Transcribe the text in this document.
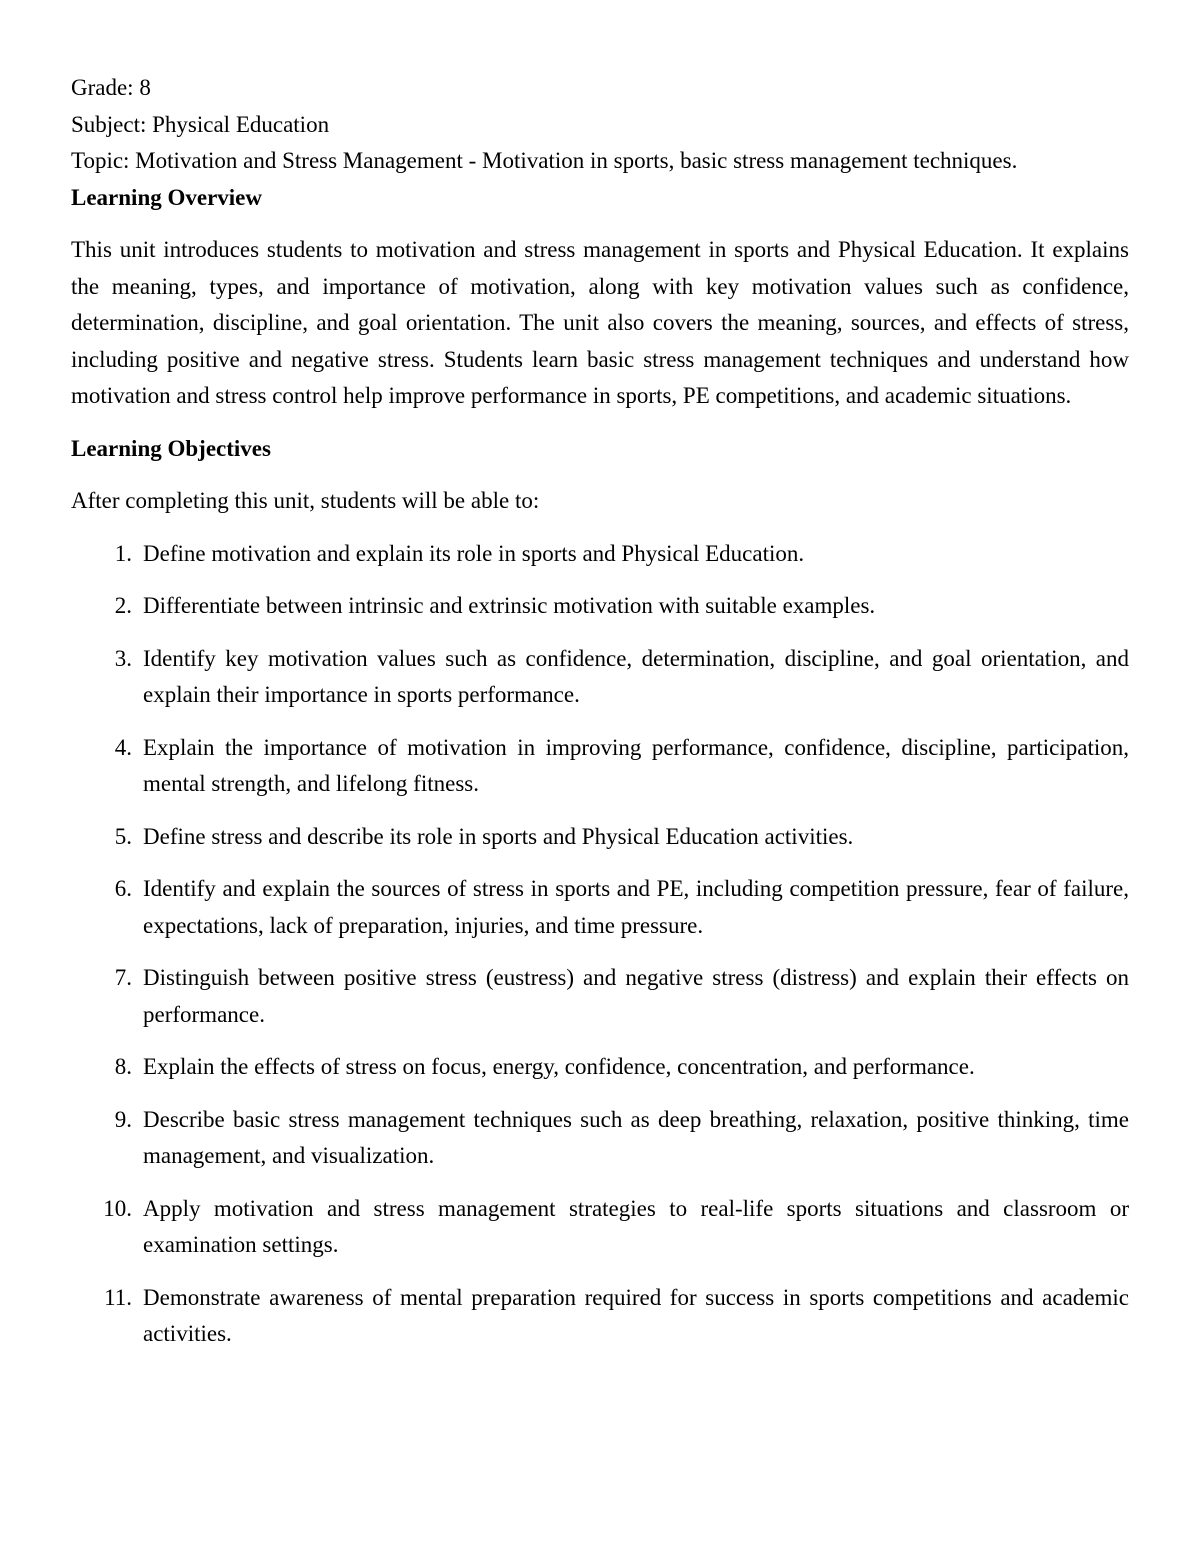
Grade: 8

Subject: Physical Education

Topic: Motivation and Stress Management - Motivation in sports, basic stress management techniques.

Learning Overview

This unit introduces students to motivation and stress management in sports and Physical Education. It explains the meaning, types, and importance of motivation, along with key motivation values such as confidence, determination, discipline, and goal orientation. The unit also covers the meaning, sources, and effects of stress, including positive and negative stress. Students learn basic stress management techniques and understand how motivation and stress control help improve performance in sports, PE competitions, and academic situations.

Learning Objectives

After completing this unit, students will be able to:

1. Define motivation and explain its role in sports and Physical Education.
2. Differentiate between intrinsic and extrinsic motivation with suitable examples.
3. Identify key motivation values such as confidence, determination, discipline, and goal orientation, and explain their importance in sports performance.
4. Explain the importance of motivation in improving performance, confidence, discipline, participation, mental strength, and lifelong fitness.
5. Define stress and describe its role in sports and Physical Education activities.
6. Identify and explain the sources of stress in sports and PE, including competition pressure, fear of failure, expectations, lack of preparation, injuries, and time pressure.
7. Distinguish between positive stress (eustress) and negative stress (distress) and explain their effects on performance.
8. Explain the effects of stress on focus, energy, confidence, concentration, and performance.
9. Describe basic stress management techniques such as deep breathing, relaxation, positive thinking, time management, and visualization.
10. Apply motivation and stress management strategies to real-life sports situations and classroom or examination settings.
11. Demonstrate awareness of mental preparation required for success in sports competitions and academic activities.
